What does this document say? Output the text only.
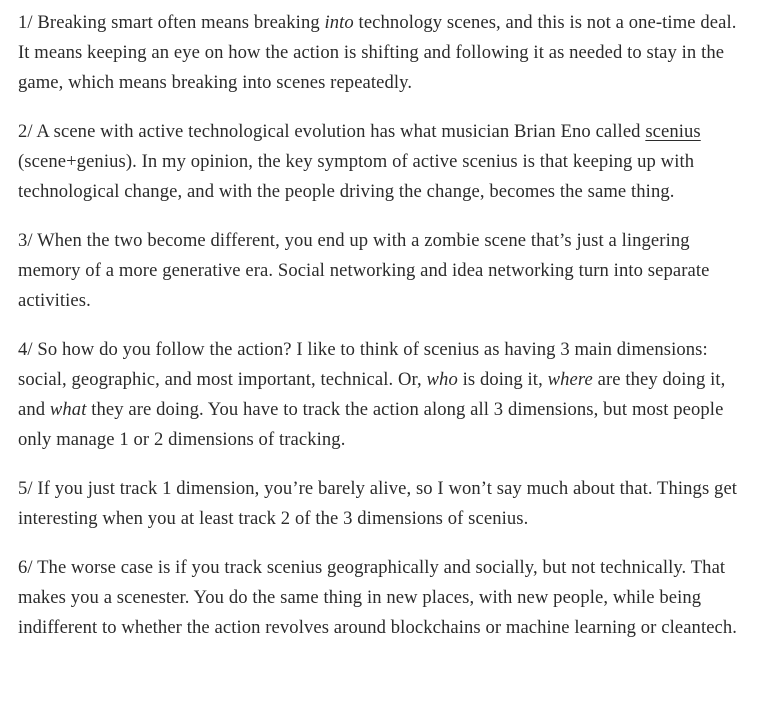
1/ Breaking smart often means breaking into technology scenes, and this is not a one-time deal. It means keeping an eye on how the action is shifting and following it as needed to stay in the game, which means breaking into scenes repeatedly.

2/ A scene with active technological evolution has what musician Brian Eno called scenius (scene+genius). In my opinion, the key symptom of active scenius is that keeping up with technological change, and with the people driving the change, becomes the same thing.

3/ When the two become different, you end up with a zombie scene that’s just a lingering memory of a more generative era. Social networking and idea networking turn into separate activities.

4/ So how do you follow the action? I like to think of scenius as having 3 main dimensions: social, geographic, and most important, technical. Or, who is doing it, where are they doing it, and what they are doing. You have to track the action along all 3 dimensions, but most people only manage 1 or 2 dimensions of tracking.

5/ If you just track 1 dimension, you’re barely alive, so I won’t say much about that. Things get interesting when you at least track 2 of the 3 dimensions of scenius.

6/ The worse case is if you track scenius geographically and socially, but not technically. That makes you a scenester. You do the same thing in new places, with new people, while being indifferent to whether the action revolves around blockchains or machine learning or cleantech.
